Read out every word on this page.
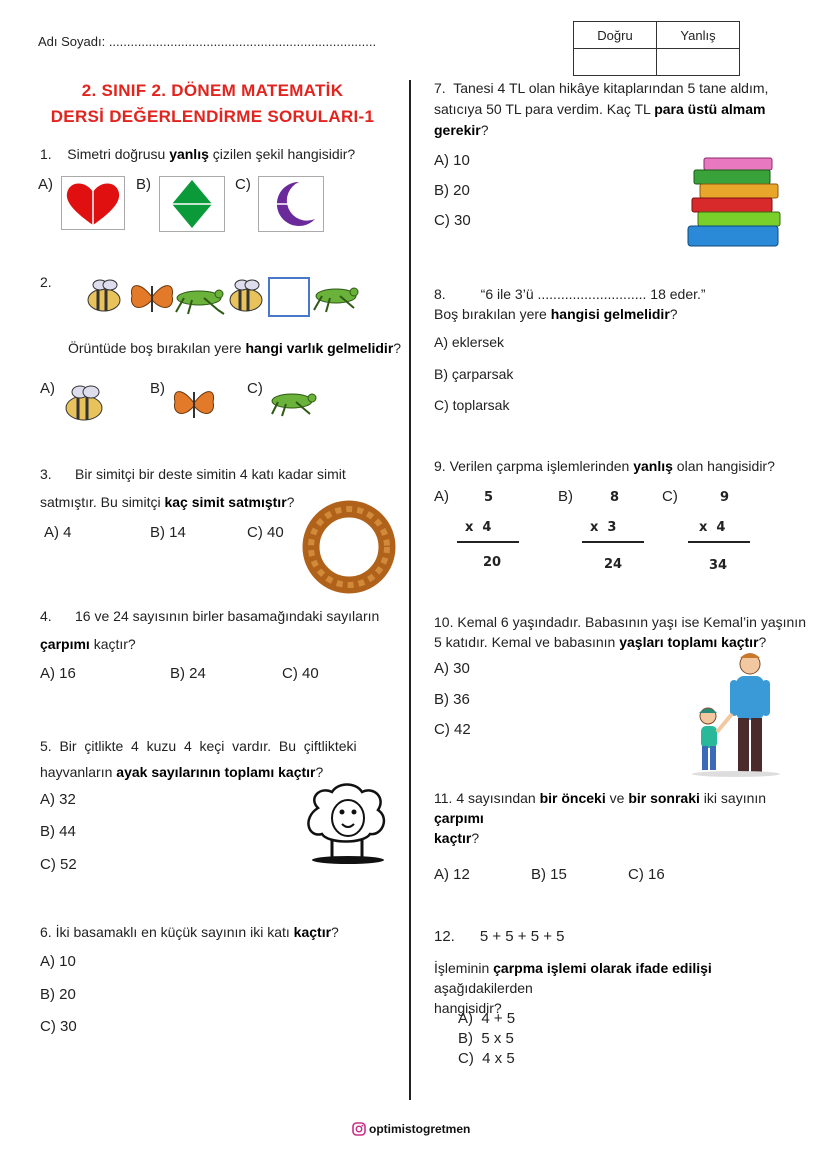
Adı Soyadı: ..........................................................................	Doğru	Yanlış

2. SINIF 2. DÖNEM MATEMATİK
DERSİ DEĞERLENDİRME SORULARI-1
1. Simetri doğrusu yanlış çizilen şekil hangisidir?
A)	B)	C)
2.
Örüntüde boş bırakılan yere hangi varlık gelmelidir?
A)	B)	C)
3.      Bir simitçi bir deste simitin 4 katı kadar simit
satmıştır. Bu simitçi kaç simit satmıştır?
A) 4	B) 14	C) 40
4.      16 ve 24 sayısının birler basamağındaki sayıların
çarpımı kaçtır?
A) 16	B) 24	C) 40
5.  Bir  çitlikte  4  kuzu  4  keçi  vardır.  Bu  çiftlikteki
hayvanların ayak sayılarının toplamı kaçtır?
A) 32
B) 44
C) 52
6. İki basamaklı en küçük sayının iki katı kaçtır?
A) 10
B) 20
C) 30
7.  Tanesi 4 TL olan hikâye kitaplarından 5 tane aldım,
satıcıya 50 TL para verdim. Kaç TL para üstü almam
gerekir?
A) 10
B) 20
C) 30
8.         “6 ile 3’ü ............................ 18 eder.”
Boş bırakılan yere hangisi gelmelidir?
A) eklersek
B) çarparsak
C) toplarsak
9. Verilen çarpma işlemlerinden yanlış olan hangisidir?
A)	5
x  4
20
B)	8
x  3
24
C)	9
x  4
34
10. Kemal 6 yaşındadır. Babasının yaşı ise Kemal’in yaşının
5 katıdır. Kemal ve babasının yaşları toplamı kaçtır?
A) 30
B) 36
C) 42
11. 4 sayısından bir önceki ve bir sonraki iki sayının çarpımı
kaçtır?
A) 12	B) 15	C) 16
12.      5 + 5 + 5 + 5
İşleminin çarpma işlemi olarak ifade edilişi aşağıdakilerden
hangisidir?
A)  4 + 5
B)  5 x 5
C)  4 x 5
optimistogretmen
